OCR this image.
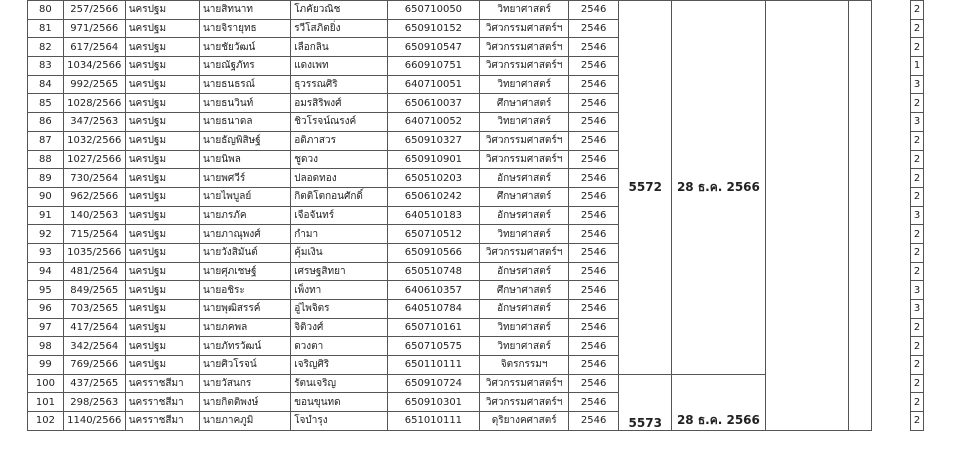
80	257/2566	นครปฐม	นายสิทนาท	โภคัยวณิช	650710050	วิทยาศาสตร์	2546	5572	28 ธ.ค. 2566				2
81	971/2566	นครปฐม	นายจิรายุทธ	รวีโสภิตยิ่ง	650910152	วิศวกรรมศาสตร์ฯ	2546						2
82	617/2564	นครปฐม	นายชัยวัฒน์	เลือกลิน	650910547	วิศวกรรมศาสตร์ฯ	2546						2
83	1034/2566	นครปฐม	นายณัฐภัทร	แดงเพท	660910751	วิศวกรรมศาสตร์ฯ	2546						1
84	992/2565	นครปฐม	นายธนธรณ์	ธุวรรณศิริ	640710051	วิทยาศาสตร์	2546						3
85	1028/2566	นครปฐม	นายธนวินท์	อมรสิริพงศ์	650610037	ศึกษาศาสตร์	2546						2
86	347/2563	นครปฐม	นายธนาดล	ชิวโรจน์ณรงค์	640710052	วิทยาศาสตร์	2546						3
87	1032/2566	นครปฐม	นายธัญพิสิษฐ์	อดิภาสวร	650910327	วิศวกรรมศาสตร์ฯ	2546						2
88	1027/2566	นครปฐม	นายนิพล	ชูดวง	650910901	วิศวกรรมศาสตร์ฯ	2546						2
89	730/2564	นครปฐม	นายพศวีร์	ปลอดทอง	650510203	อักษรศาสตร์	2546						2
90	962/2566	นครปฐม	นายไพบูลย์	กิตติโตกอนศักดิ์	650610242	ศึกษาศาสตร์	2546						2
91	140/2563	นครปฐม	นายภรภัค	เจือจันทร์	640510183	อักษรศาสตร์	2546						3
92	715/2564	นครปฐม	นายภาณุพงศ์	กำมา	650710512	วิทยาศาสตร์	2546						2
93	1035/2566	นครปฐม	นายวังสิมันต์	คุ้มเงิน	650910566	วิศวกรรมศาสตร์ฯ	2546						2
94	481/2564	นครปฐม	นายศุภเชษฐ์	เศรษฐสิทยา	650510748	อักษรศาสตร์	2546						2
95	849/2565	นครปฐม	นายอชิระ	เพ็งทา	640610357	ศึกษาศาสตร์	2546						3
96	703/2565	นครปฐม	นายพุฒิสรรค์	อู่ไพจิตร	640510784	อักษรศาสตร์	2546						3
97	417/2564	นครปฐม	นายภคพล	จิติวงศ์	650710161	วิทยาศาสตร์	2546						2
98	342/2564	นครปฐม	นายภัทรวัฒน์	ดวงตา	650710575	วิทยาศาสตร์	2546						2
99	769/2566	นครปฐม	นายศิวโรจน์	เจริญศิริ	650110111	จิตรกรรมฯ	2546						2
100	437/2565	นครราชสีมา	นายวัสนกร	รัตนเจริญ	650910724	วิศวกรรมศาสตร์ฯ	2546	5573	28 ธ.ค. 2566				2
101	298/2563	นครราชสีมา	นายกิตติพงษ์	ขอนขุนทด	650910301	วิศวกรรมศาสตร์ฯ	2546						2
102	1140/2566	นครราชสีมา	นายภาคภูมิ	โจบำรุง	651010111	ดุริยางคศาสตร์	2546						2
